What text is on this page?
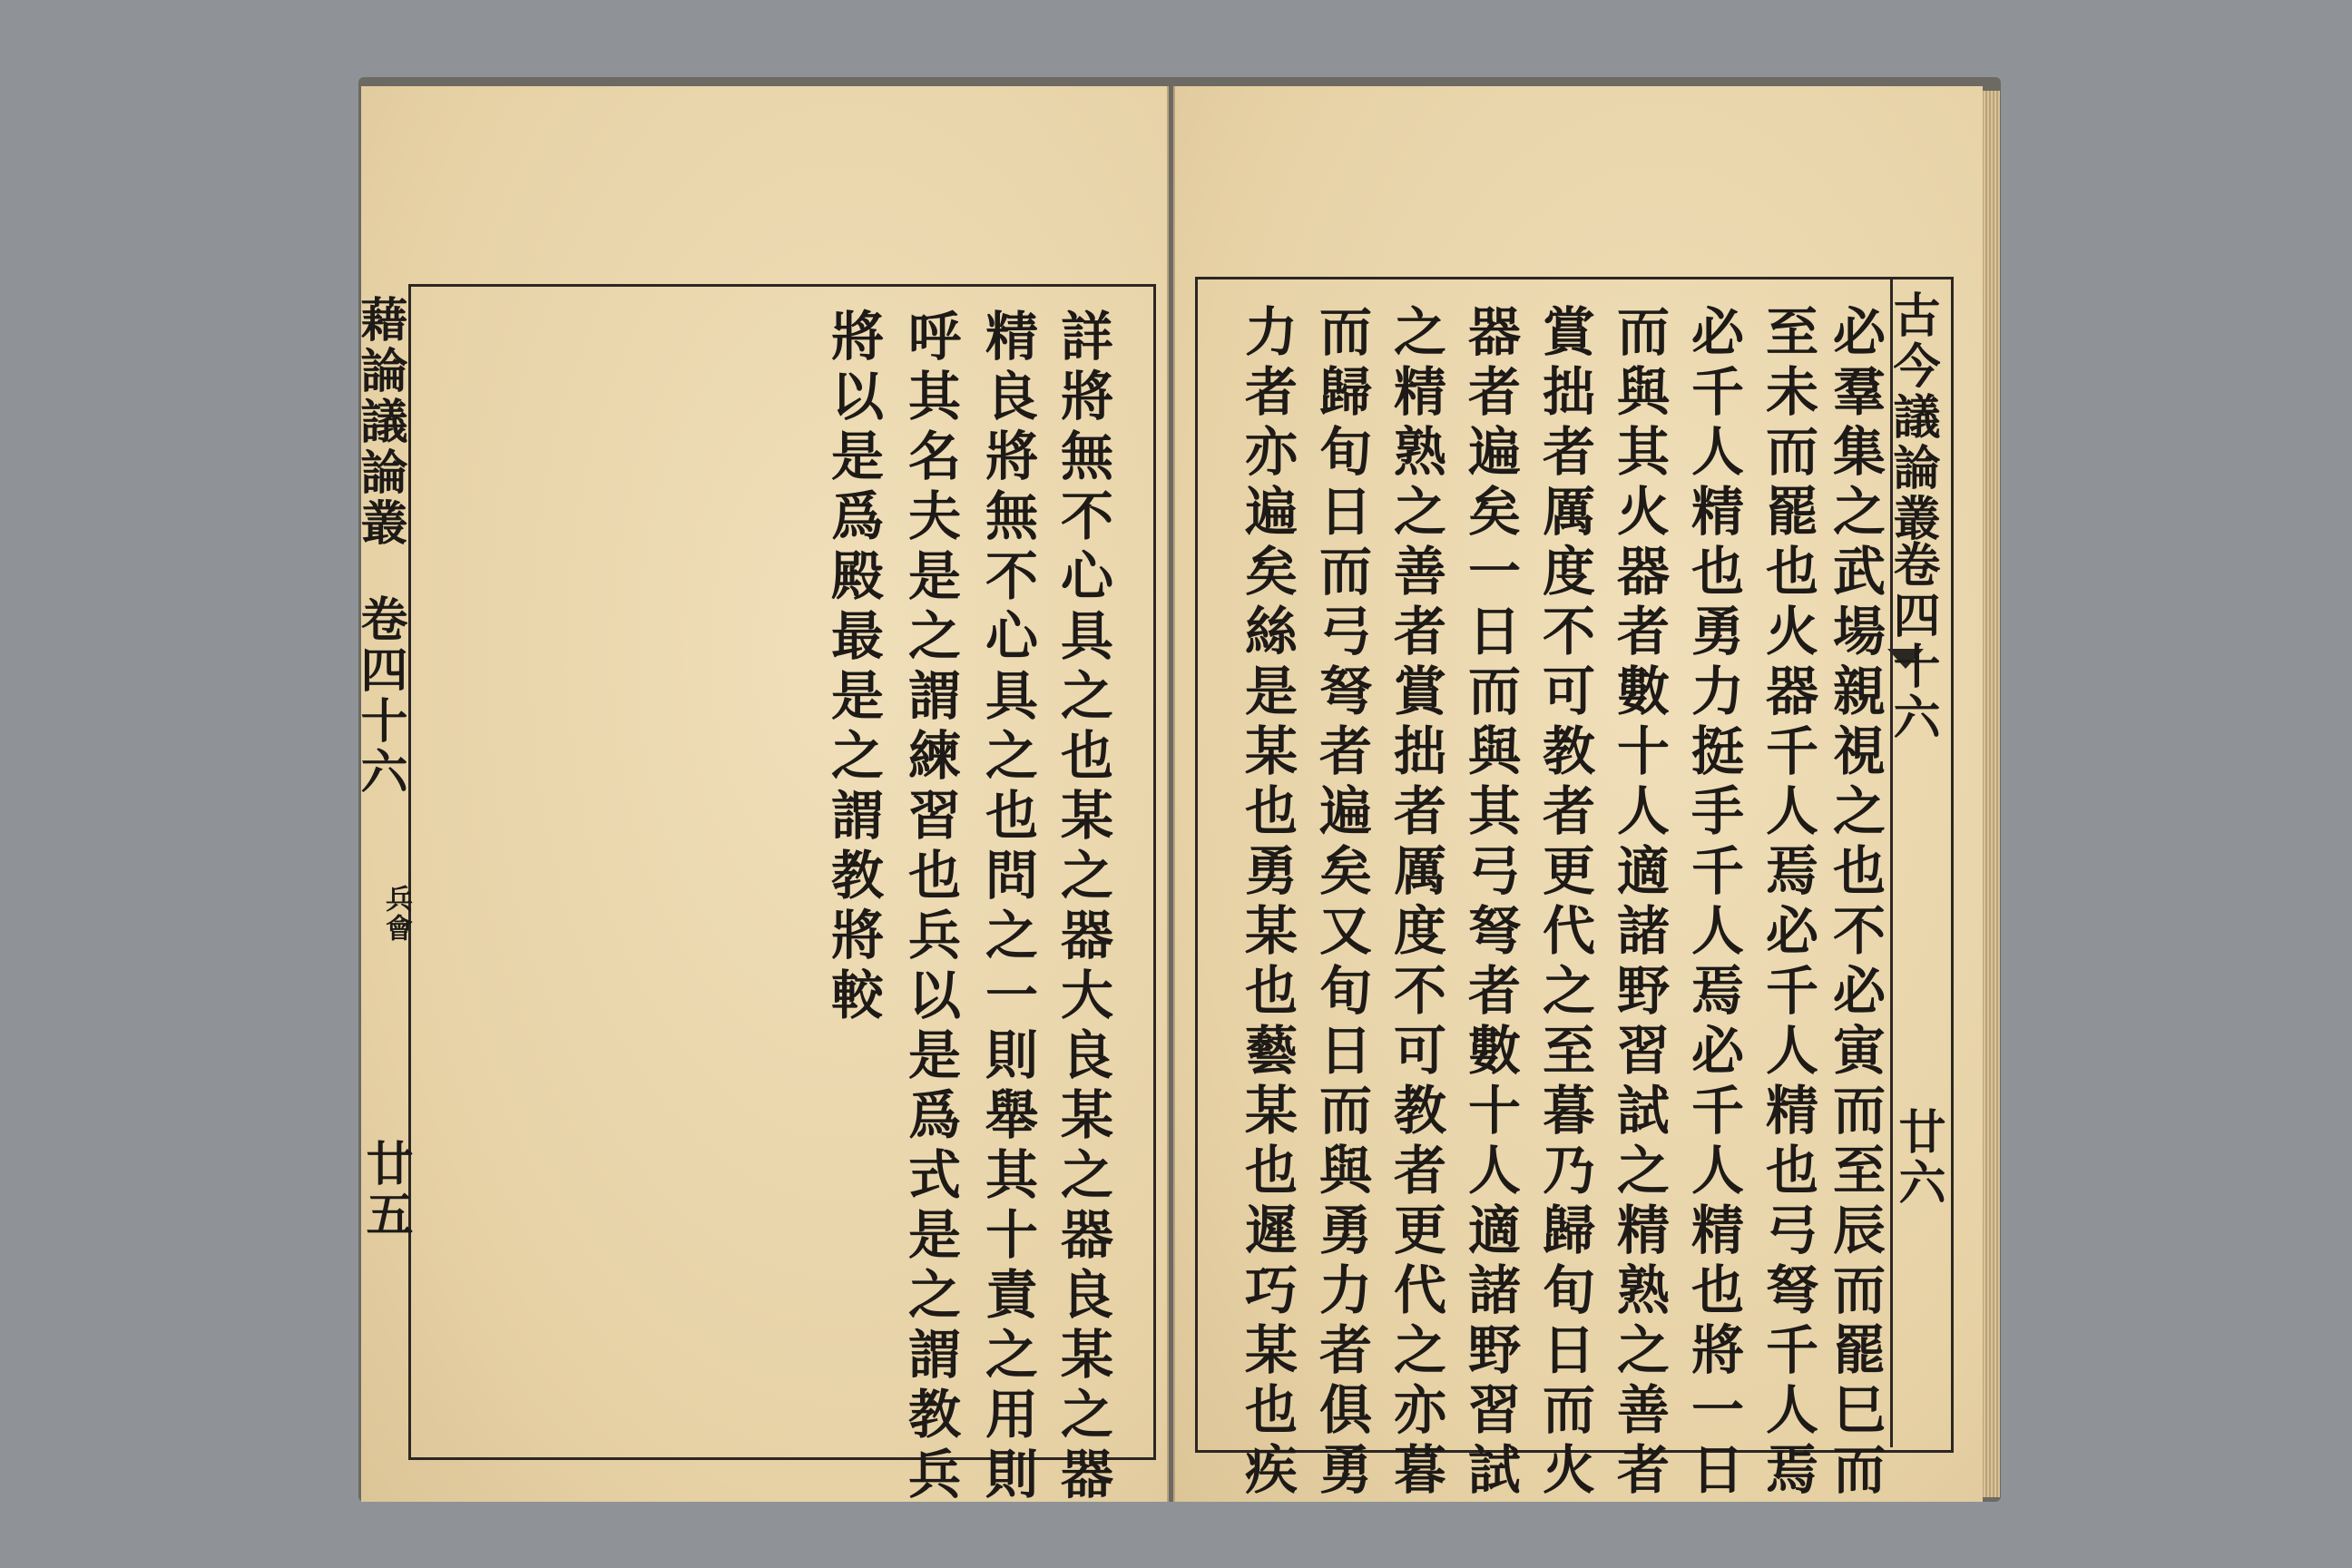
藉論議論叢
卷四十六
兵會
廿五
將以是爲殿最是之謂教將較 呼其名夫是之謂練習也兵以是爲式是之謂教兵 精良將無不心具之也問之一則舉其十責之用則 詳將無不心具之也某之器大良某之器良某之器	古今議論叢
卷四十六
廿六
力者亦遍矣絲是某也勇某也藝某也遲巧某也疾 而歸旬日而弓弩者遍矣又旬日而與勇力者俱勇 之精熟之善者賞拙者厲度不可教者更代之亦暮 器者遍矣一日而與其弓弩者數十人適諸野習試 賞拙者厲度不可教者更代之至暮乃歸旬日而火 而與其火器者數十人適諸野習試之精熟之善者 必千人精也勇力挺手千人焉必千人精也將一日 至未而罷也火器千人焉必千人精也弓弩千人焉 必羣集之武場親視之也不必寅而至辰而罷巳而
